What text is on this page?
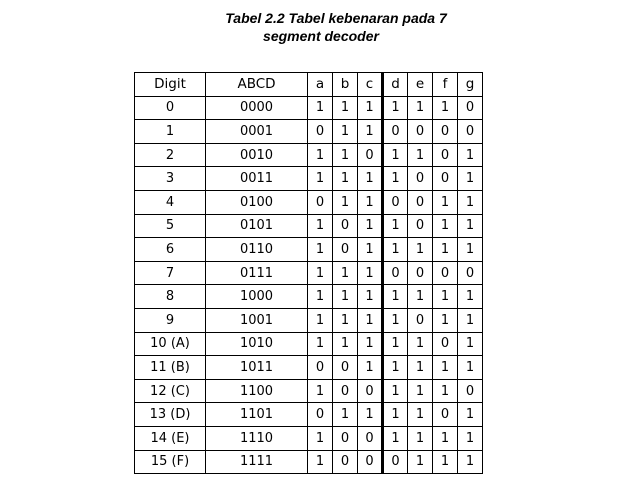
Tabel 2.2 Tabel kebenaran pada 7
segment decoder
Digit	ABCD	a	b	c	d	e	f	g
0	0000	1	1	1	1	1	1	0
1	0001	0	1	1	0	0	0	0
2	0010	1	1	0	1	1	0	1
3	0011	1	1	1	1	0	0	1
4	0100	0	1	1	0	0	1	1
5	0101	1	0	1	1	0	1	1
6	0110	1	0	1	1	1	1	1
7	0111	1	1	1	0	0	0	0
8	1000	1	1	1	1	1	1	1
9	1001	1	1	1	1	0	1	1
10 (A)	1010	1	1	1	1	1	0	1
11 (B)	1011	0	0	1	1	1	1	1
12 (C)	1100	1	0	0	1	1	1	0
13 (D)	1101	0	1	1	1	1	0	1
14 (E)	1110	1	0	0	1	1	1	1
15 (F)	1111	1	0	0	0	1	1	1
